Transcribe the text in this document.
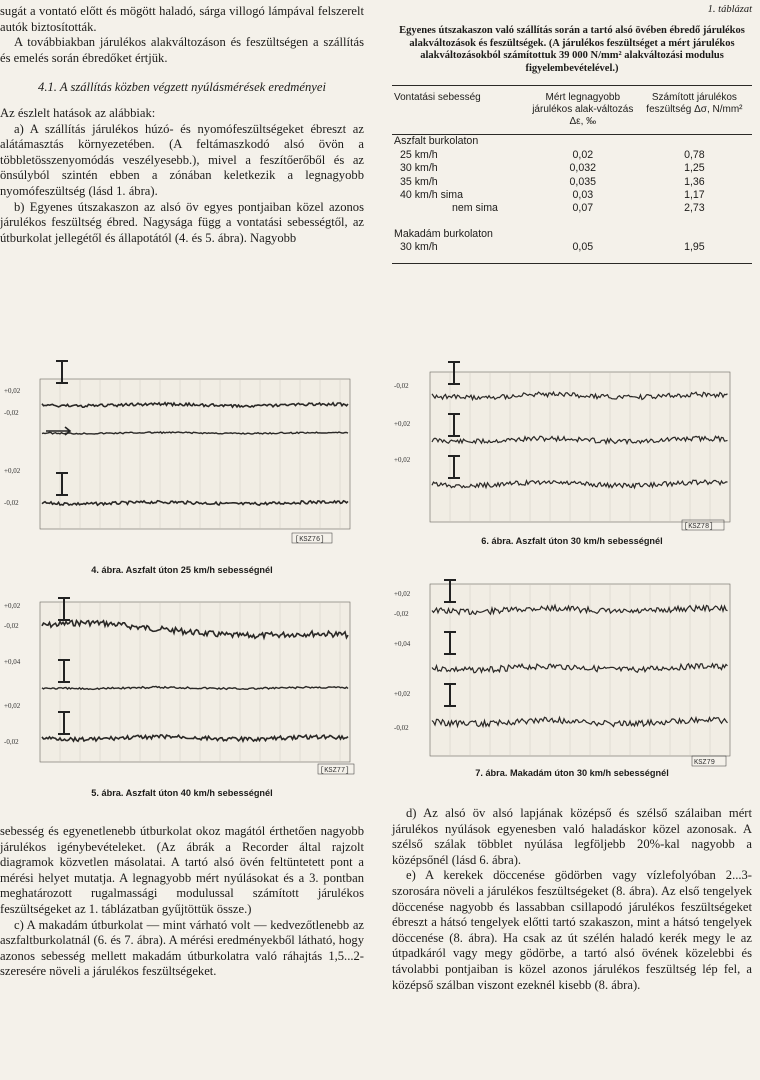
sugát a vontató előtt és mögött haladó, sárga villogó lámpával felszerelt autók biztosították.

A továbbiakban járulékos alakváltozáson és feszültségen a szállítás és emelés során ébredőket értjük.

4.1. A szállítás közben végzett nyúlásmérések eredményei

Az észlelt hatások az alábbiak:

a) A szállítás járulékos húzó- és nyomófeszültségeket ébreszt az alátámasztás környezetében. (A feltámaszkodó alsó övön a többletösszenyomódás veszélyesebb.), mivel a feszítőerőből és az önsúlyból szintén ebben a zónában keletkezik a legnagyobb nyomófeszültség (lásd 1. ábra).

b) Egyenes útszakaszon az alsó öv egyes pontjaiban közel azonos járulékos feszültség ébred. Nagysága függ a vontatási sebességtől, az útburkolat jellegétől és állapotától (4. és 5. ábra). Nagyobb

1. táblázat
Egyenes útszakaszon való szállítás során a tartó alsó övében ébredő járulékos alakváltozások és feszültségek. (A járulékos feszültséget a mért járulékos alakváltozásokból számítottuk 39 000 N/mm² alakváltozási modulus figyelembevételével.)
Vontatási sebesség	Mért legnagyobb járulékos alak-változás Δε, ‰	Számított járulékos feszültség Δσ, N/mm²
Aszfalt burkolaton		
25 km/h	0,02	0,78
30 km/h	0,032	1,25
35 km/h	0,035	1,36
40 km/h sima	0,03	1,17
nem sima	0,07	2,73
Makadám burkolaton		
30 km/h	0,05	1,95
+0,02
-0,02
+0,02
-0,02
[KSZ76]
4. ábra. Aszfalt úton 25 km/h sebességnél
+0,02
-0,02
+0,04
+0,02
-0,02
[KSZ77]
5. ábra. Aszfalt úton 40 km/h sebességnél
-0,02
+0,02
+0,02
[KSZ78]
6. ábra. Aszfalt úton 30 km/h sebességnél
+0,02
-0,02
+0,04
+0,02
-0,02
KSZ79
7. ábra. Makadám úton 30 km/h sebességnél

sebesség és egyenetlenebb útburkolat okoz magától érthetően nagyobb járulékos igénybevételeket. (Az ábrák a Recorder által rajzolt diagramok közvetlen másolatai. A tartó alsó övén feltüntetett pont a mérési helyet mutatja. A legnagyobb mért nyúlásokat és a 3. pontban meghatározott rugalmassági modulussal számított járulékos feszültségeket az 1. táblázatban gyűjtöttük össze.)

c) A makadám útburkolat — mint várható volt — kedvezőtlenebb az aszfaltburkolatnál (6. és 7. ábra). A mérési eredményekből látható, hogy azonos sebesség mellett makadám útburkolatra való ráhajtás 1,5...2-szeresére növeli a járulékos feszültségeket.

d) Az alsó öv alsó lapjának középső és szélső szálaiban mért járulékos nyúlások egyenesben való haladáskor közel azonosak. A szélső szálak többlet nyúlása legföljebb 20%-kal nagyobb a középsőnél (lásd 6. ábra).

e) A kerekek döccenése gödörben vagy vízlefolyóban 2...3-szorosára növeli a járulékos feszültségeket (8. ábra). Az első tengelyek döccenése nagyobb és lassabban csillapodó járulékos feszültségeket ébreszt a hátsó tengelyek előtti tartó szakaszon, mint a hátsó tengelyek döccenése (8. ábra). Ha csak az út szélén haladó kerék megy le az útpadkáról vagy megy gödörbe, a tartó alsó övének közelebbi és távolabbi pontjaiban is közel azonos járulékos feszültség lép fel, a középső szálban viszont ezeknél kisebb (8. ábra).
